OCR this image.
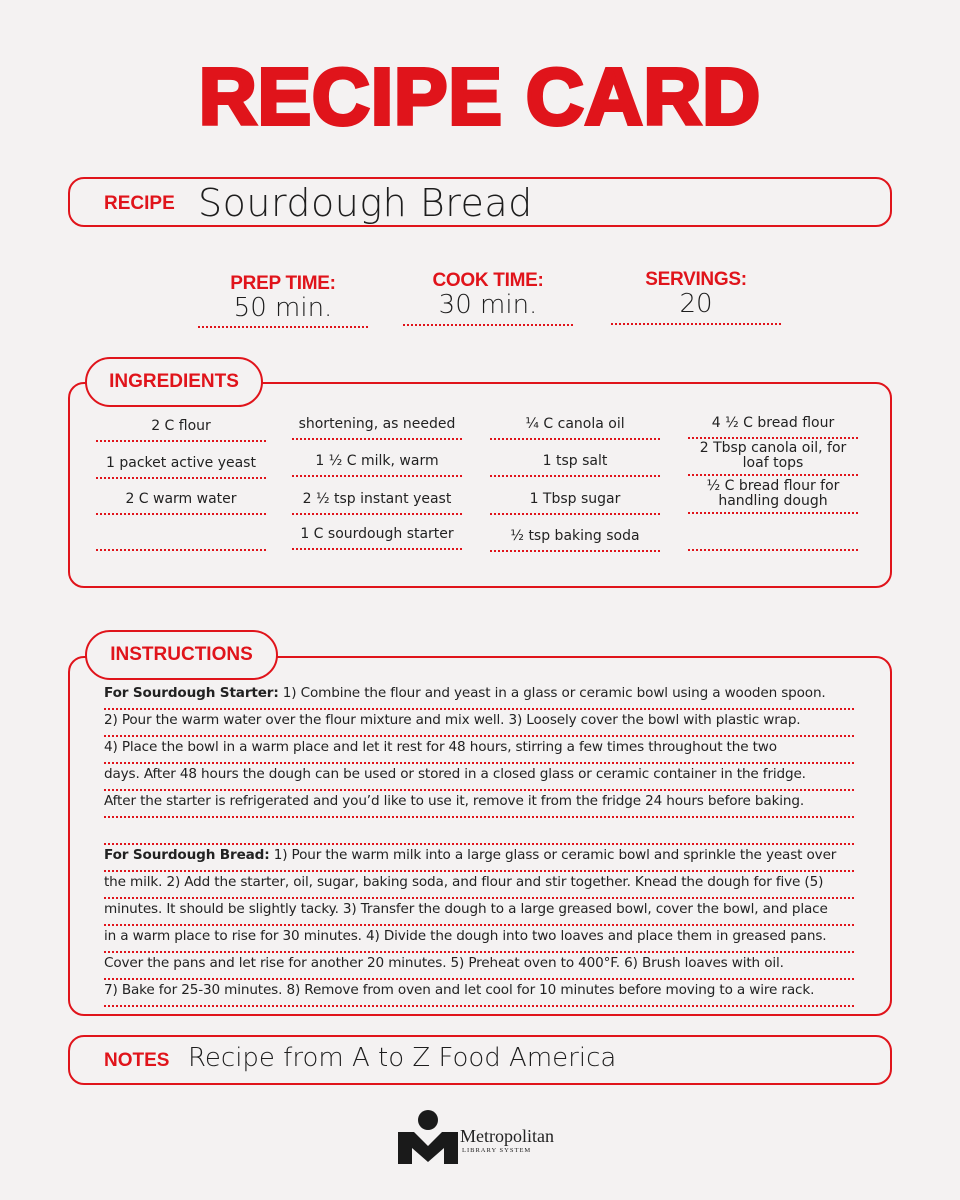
RECIPE CARD
RECIPE Sourdough Bread
PREP TIME:
50 min.
COOK TIME:
30 min.
SERVINGS:
20
INGREDIENTS
2 C flour
1 packet active yeast
2 C warm water
shortening, as needed
1 ½ C milk, warm
2 ½ tsp instant yeast
1 C sourdough starter
¼ C canola oil
1 tsp salt
1 Tbsp sugar
½ tsp baking soda
4 ½ C bread flour
2 Tbsp canola oil, for loaf tops
½ C bread flour for handling dough
INSTRUCTIONS
For Sourdough Starter: 1) Combine the flour and yeast in a glass or ceramic bowl using a wooden spoon.
2) Pour the warm water over the flour mixture and mix well. 3) Loosely cover the bowl with plastic wrap.
4) Place the bowl in a warm place and let it rest for 48 hours, stirring a few times throughout the two
days. After 48 hours the dough can be used or stored in a closed glass or ceramic container in the fridge.
After the starter is refrigerated and you’d like to use it, remove it from the fridge 24 hours before baking.
For Sourdough Bread: 1) Pour the warm milk into a large glass or ceramic bowl and sprinkle the yeast over
the milk. 2) Add the starter, oil, sugar, baking soda, and flour and stir together. Knead the dough for five (5)
minutes. It should be slightly tacky. 3) Transfer the dough to a large greased bowl, cover the bowl, and place
in a warm place to rise for 30 minutes. 4) Divide the dough into two loaves and place them in greased pans.
Cover the pans and let rise for another 20 minutes. 5) Preheat oven to 400°F. 6) Brush loaves with oil.
7) Bake for 25-30 minutes. 8) Remove from oven and let cool for 10 minutes before moving to a wire rack.
NOTES Recipe from A to Z Food America
Metropolitan
LIBRARY SYSTEM
